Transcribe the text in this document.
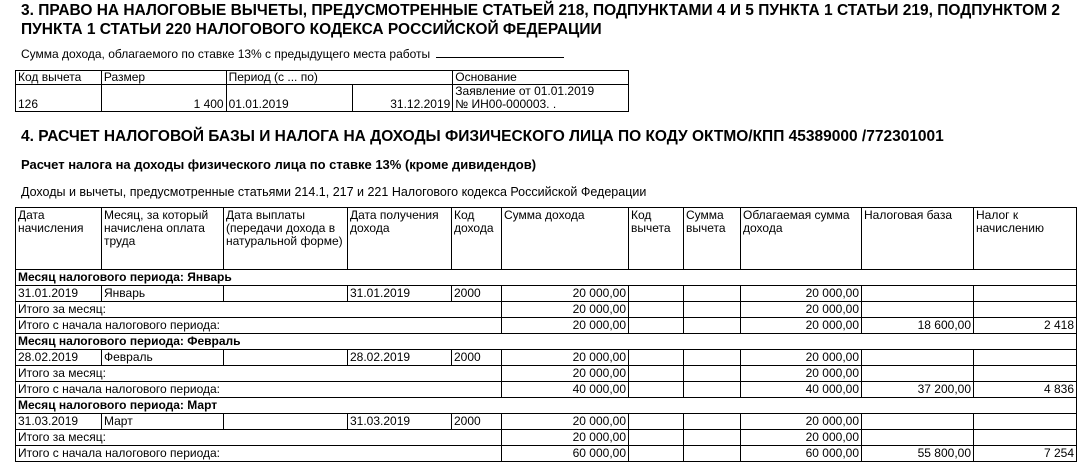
3. ПРАВО НА НАЛОГОВЫЕ ВЫЧЕТЫ, ПРЕДУСМОТРЕННЫЕ СТАТЬЕЙ 218, ПОДПУНКТАМИ 4 И 5 ПУНКТА 1 СТАТЬИ 219, ПОДПУНКТОМ 2 ПУНКТА 1 СТАТЬИ 220 НАЛОГОВОГО КОДЕКСА РОССИЙСКОЙ ФЕДЕРАЦИИ
Сумма дохода, облагаемого по ставке 13% с предыдущего места работы
Код вычета	Размер	Период (с ... по)		Основание
126	1 400	01.01.2019	31.12.2019	Заявление от 01.01.2019
№ ИН00-000003. .
4. РАСЧЕТ НАЛОГОВОЙ БАЗЫ И НАЛОГА НА ДОХОДЫ ФИЗИЧЕСКОГО ЛИЦА ПО КОДУ ОКТМО/КПП 45389000 /772301001
Расчет налога на доходы физического лица по ставке 13% (кроме дивидендов)
Доходы и вычеты, предусмотренные статьями 214.1, 217 и 221 Налогового кодекса Российской Федерации
Дата начисления	Месяц, за который начислена оплата труда	Дата выплаты (передачи дохода в натуральной форме)	Дата получения дохода	Код дохода	Сумма дохода	Код вычета	Сумма вычета	Облагаемая сумма дохода	Налоговая база	Налог к начислению
Месяц налогового периода: Январь										
31.01.2019	Январь		31.01.2019	2000	20 000,00			20 000,00		
Итого за месяц:					20 000,00			20 000,00		
Итого с начала налогового периода:					20 000,00			20 000,00	18 600,00	2 418
Месяц налогового периода: Февраль										
28.02.2019	Февраль		28.02.2019	2000	20 000,00			20 000,00		
Итого за месяц:					20 000,00			20 000,00		
Итого с начала налогового периода:					40 000,00			40 000,00	37 200,00	4 836
Месяц налогового периода: Март										
31.03.2019	Март		31.03.2019	2000	20 000,00			20 000,00		
Итого за месяц:					20 000,00			20 000,00		
Итого с начала налогового периода:					60 000,00			60 000,00	55 800,00	7 254
